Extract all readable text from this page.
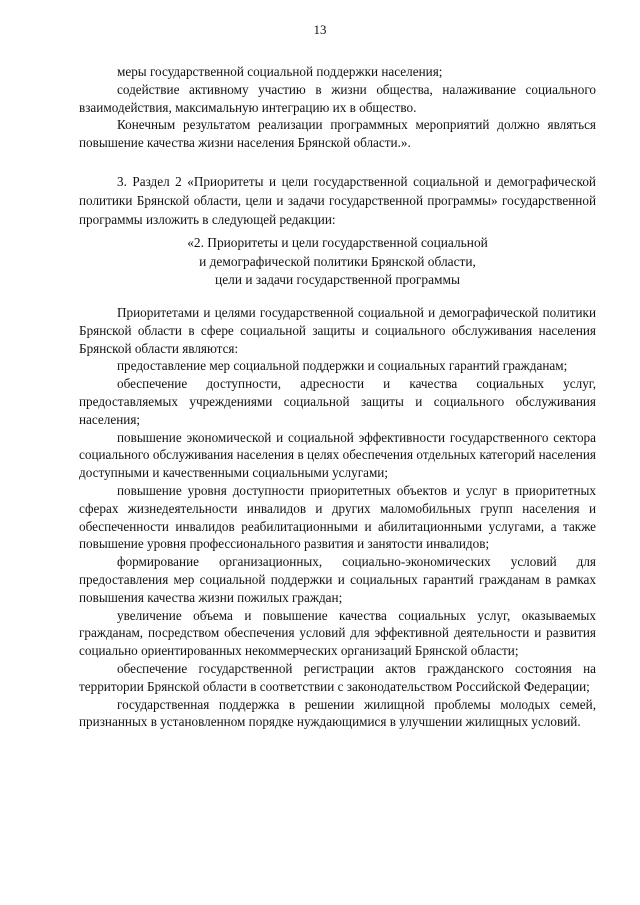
13

меры государственной социальной поддержки населения;

содействие активному участию в жизни общества, налаживание социального взаимодействия, максимальную интеграцию их в общество.

Конечным результатом реализации программных мероприятий должно являться повышение качества жизни населения Брянской области.».

3. Раздел 2 «Приоритеты и цели государственной социальной и демографической политики Брянской области, цели и задачи государственной программы» государственной программы изложить в следующей редакции:

«2. Приоритеты и цели государственной социальной
и демографической политики Брянской области,
цели и задачи государственной программы

Приоритетами и целями государственной социальной и демографической политики Брянской области в сфере социальной защиты и социального обслуживания населения Брянской области являются:

предоставление мер социальной поддержки и социальных гарантий гражданам;

обеспечение доступности, адресности и качества социальных услуг, предоставляемых учреждениями социальной защиты и социального обслуживания населения;

повышение экономической и социальной эффективности государственного сектора социального обслуживания населения в целях обеспечения отдельных категорий населения доступными и качественными социальными услугами;

повышение уровня доступности приоритетных объектов и услуг в приоритетных сферах жизнедеятельности инвалидов и других маломобильных групп населения и обеспеченности инвалидов реабилитационными и абилитационными услугами, а также повышение уровня профессионального развития и занятости инвалидов;

формирование организационных, социально-экономических условий для предоставления мер социальной поддержки и социальных гарантий гражданам в рамках повышения качества жизни пожилых граждан;

увеличение объема и повышение качества социальных услуг, оказываемых гражданам, посредством обеспечения условий для эффективной деятельности и развития социально ориентированных некоммерческих организаций Брянской области;

обеспечение государственной регистрации актов гражданского состояния на территории Брянской области в соответствии с законодательством Российской Федерации;

государственная поддержка в решении жилищной проблемы молодых семей, признанных в установленном порядке нуждающимися в улучшении жилищных условий.
